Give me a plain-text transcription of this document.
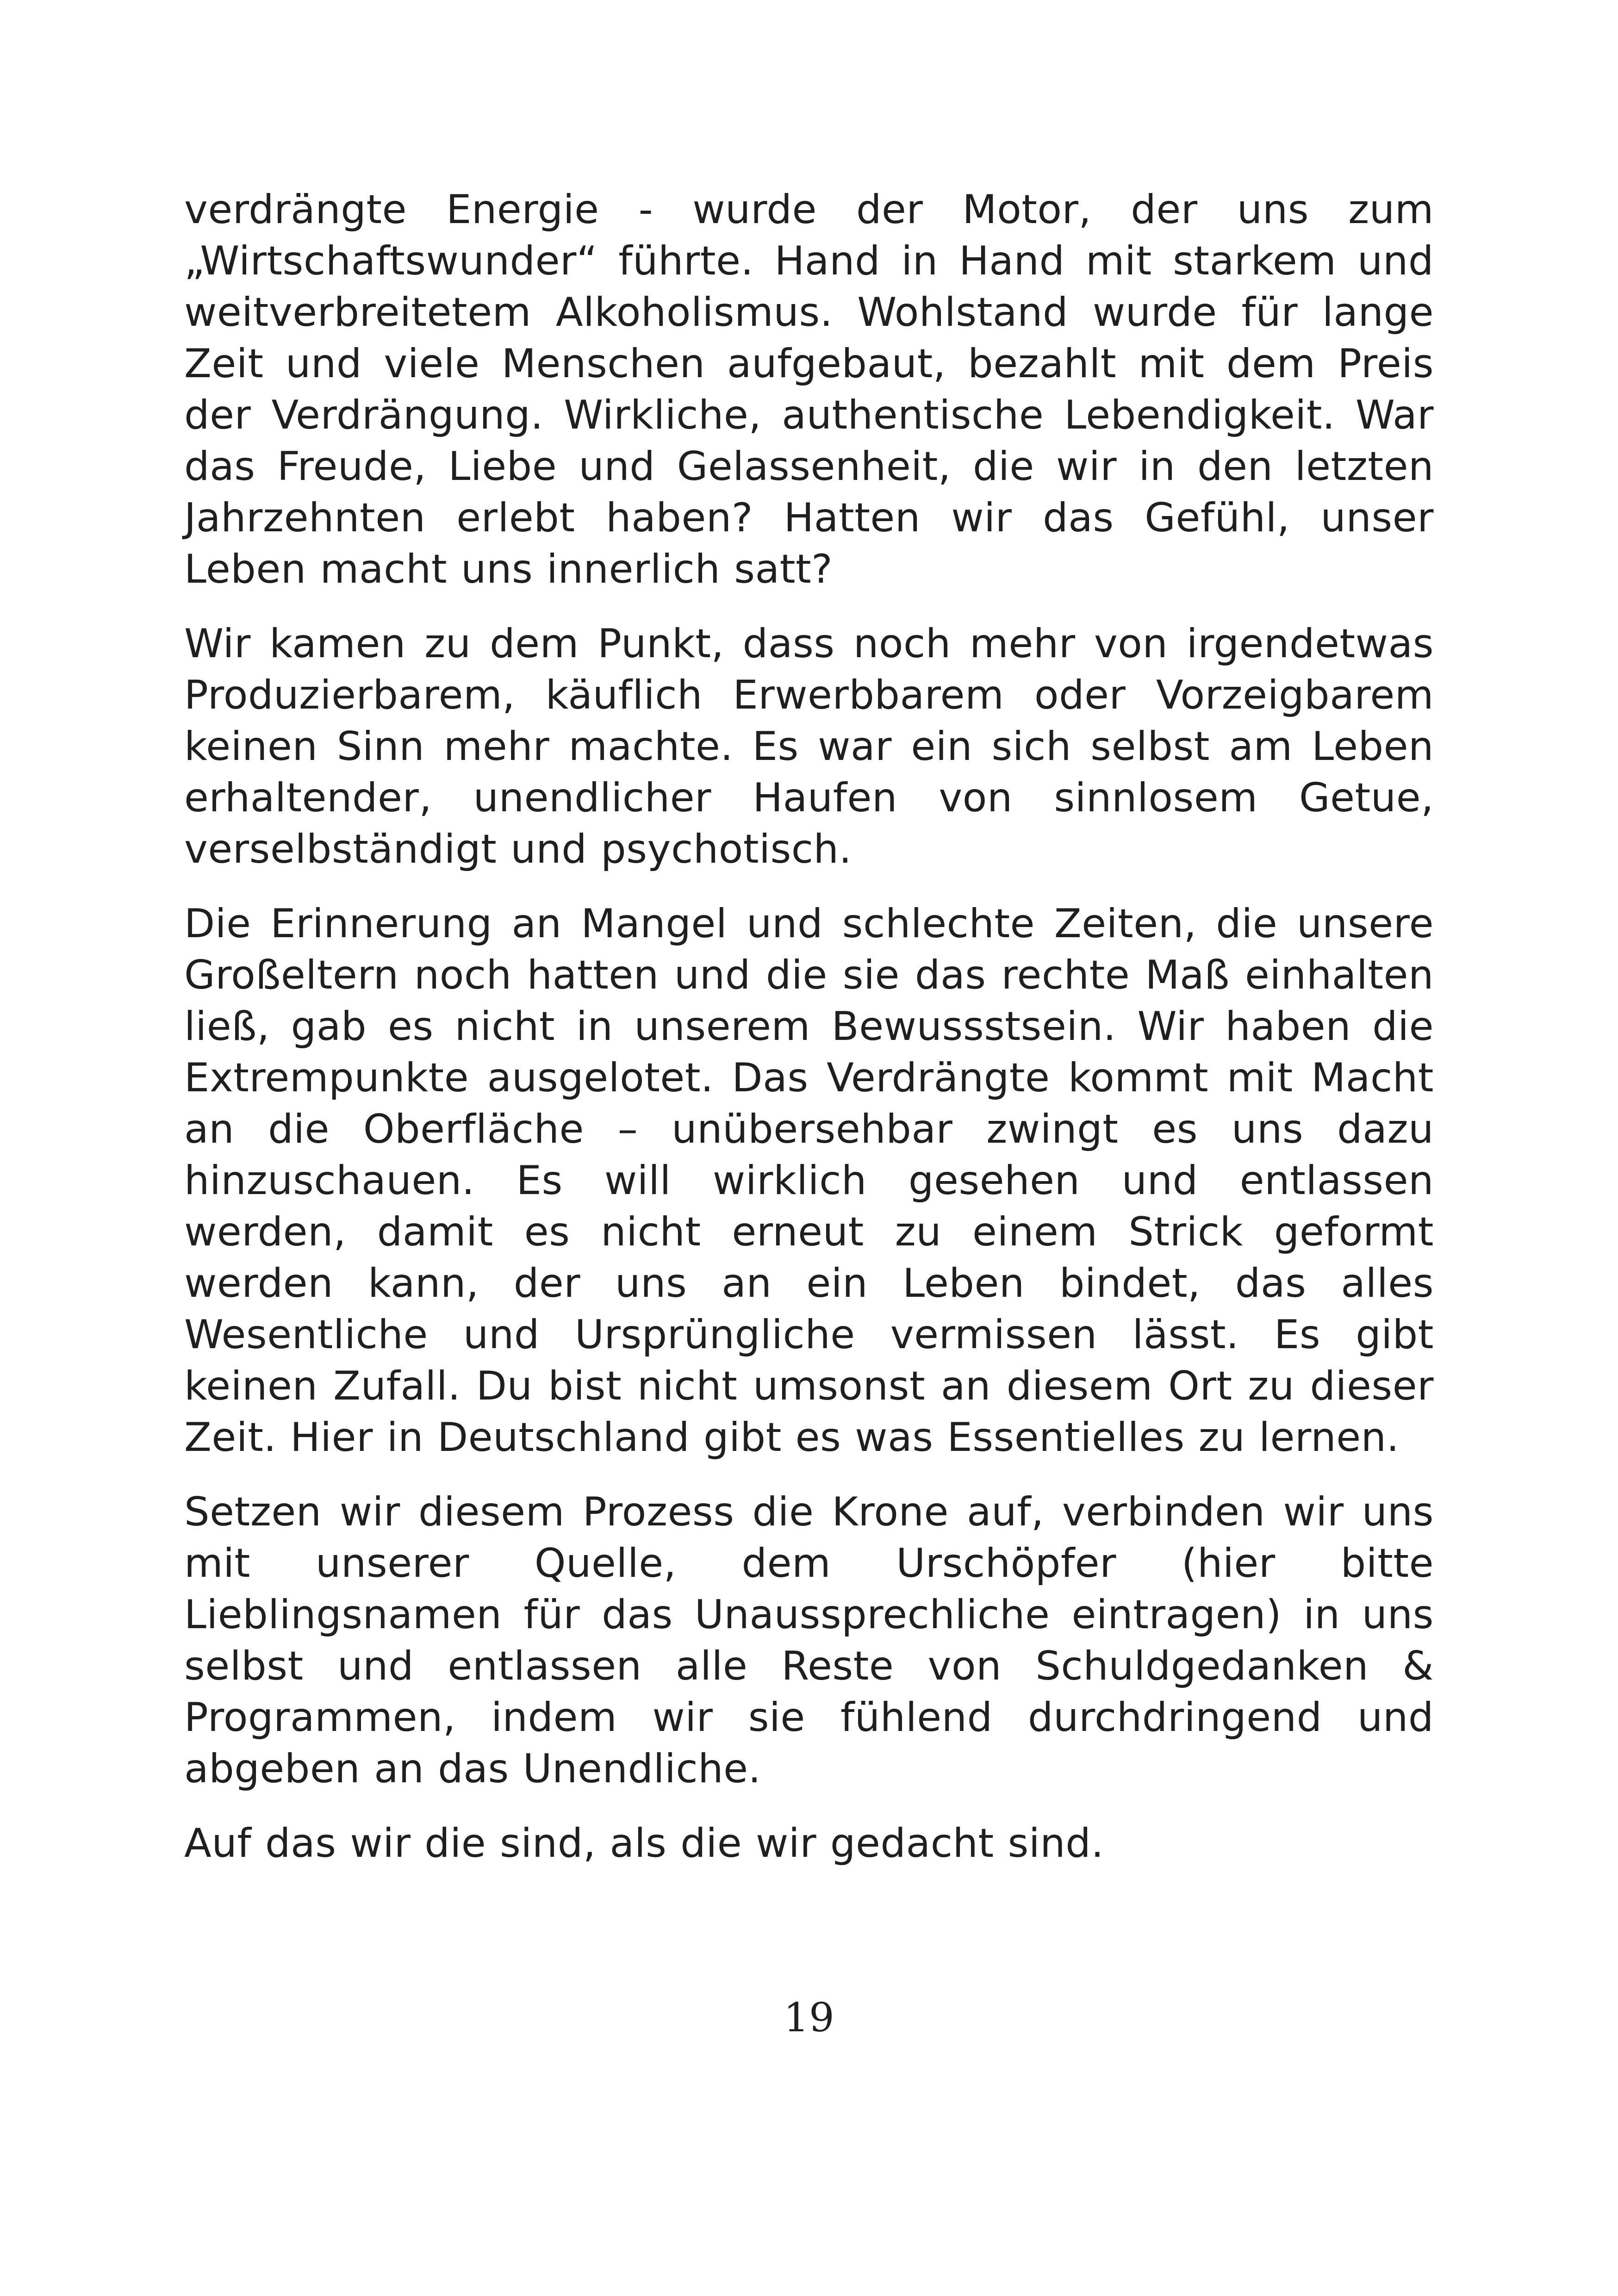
verdrängte Energie - wurde der Motor, der uns zum „Wirtschaftswunder“ führte. Hand in Hand mit starkem und weitverbreitetem Alkoholismus. Wohlstand wurde für lange Zeit und viele Menschen aufgebaut, bezahlt mit dem Preis der Verdrängung. Wirkliche, authentische Lebendigkeit. War das Freude, Liebe und Gelassenheit, die wir in den letzten Jahrzehnten erlebt haben? Hatten wir das Gefühl, unser Leben macht uns innerlich satt?

Wir kamen zu dem Punkt, dass noch mehr von irgendetwas Produzierbarem, käuflich Erwerbbarem oder Vorzeigbarem keinen Sinn mehr machte. Es war ein sich selbst am Leben erhaltender, unendlicher Haufen von sinnlosem Getue, verselbständigt und psychotisch.

Die Erinnerung an Mangel und schlechte Zeiten, die unsere Großeltern noch hatten und die sie das rechte Maß einhalten ließ, gab es nicht in unserem Bewussstsein. Wir haben die Extrempunkte ausgelotet. Das Verdrängte kommt mit Macht an die Oberfläche – unübersehbar zwingt es uns dazu hinzuschauen. Es will wirklich gesehen und entlassen werden, damit es nicht erneut zu einem Strick geformt werden kann, der uns an ein Leben bindet, das alles Wesentliche und Ursprüngliche vermissen lässt. Es gibt keinen Zufall. Du bist nicht umsonst an diesem Ort zu dieser Zeit. Hier in Deutschland gibt es was Essentielles zu lernen.

Setzen wir diesem Prozess die Krone auf, verbinden wir uns mit unserer Quelle, dem Urschöpfer (hier bitte Lieblingsnamen für das Unaussprechliche eintragen) in uns selbst und entlassen alle Reste von Schuldgedanken & Programmen, indem wir sie fühlend durchdringend und abgeben an das Unendliche.

Auf das wir die sind, als die wir gedacht sind.

19
